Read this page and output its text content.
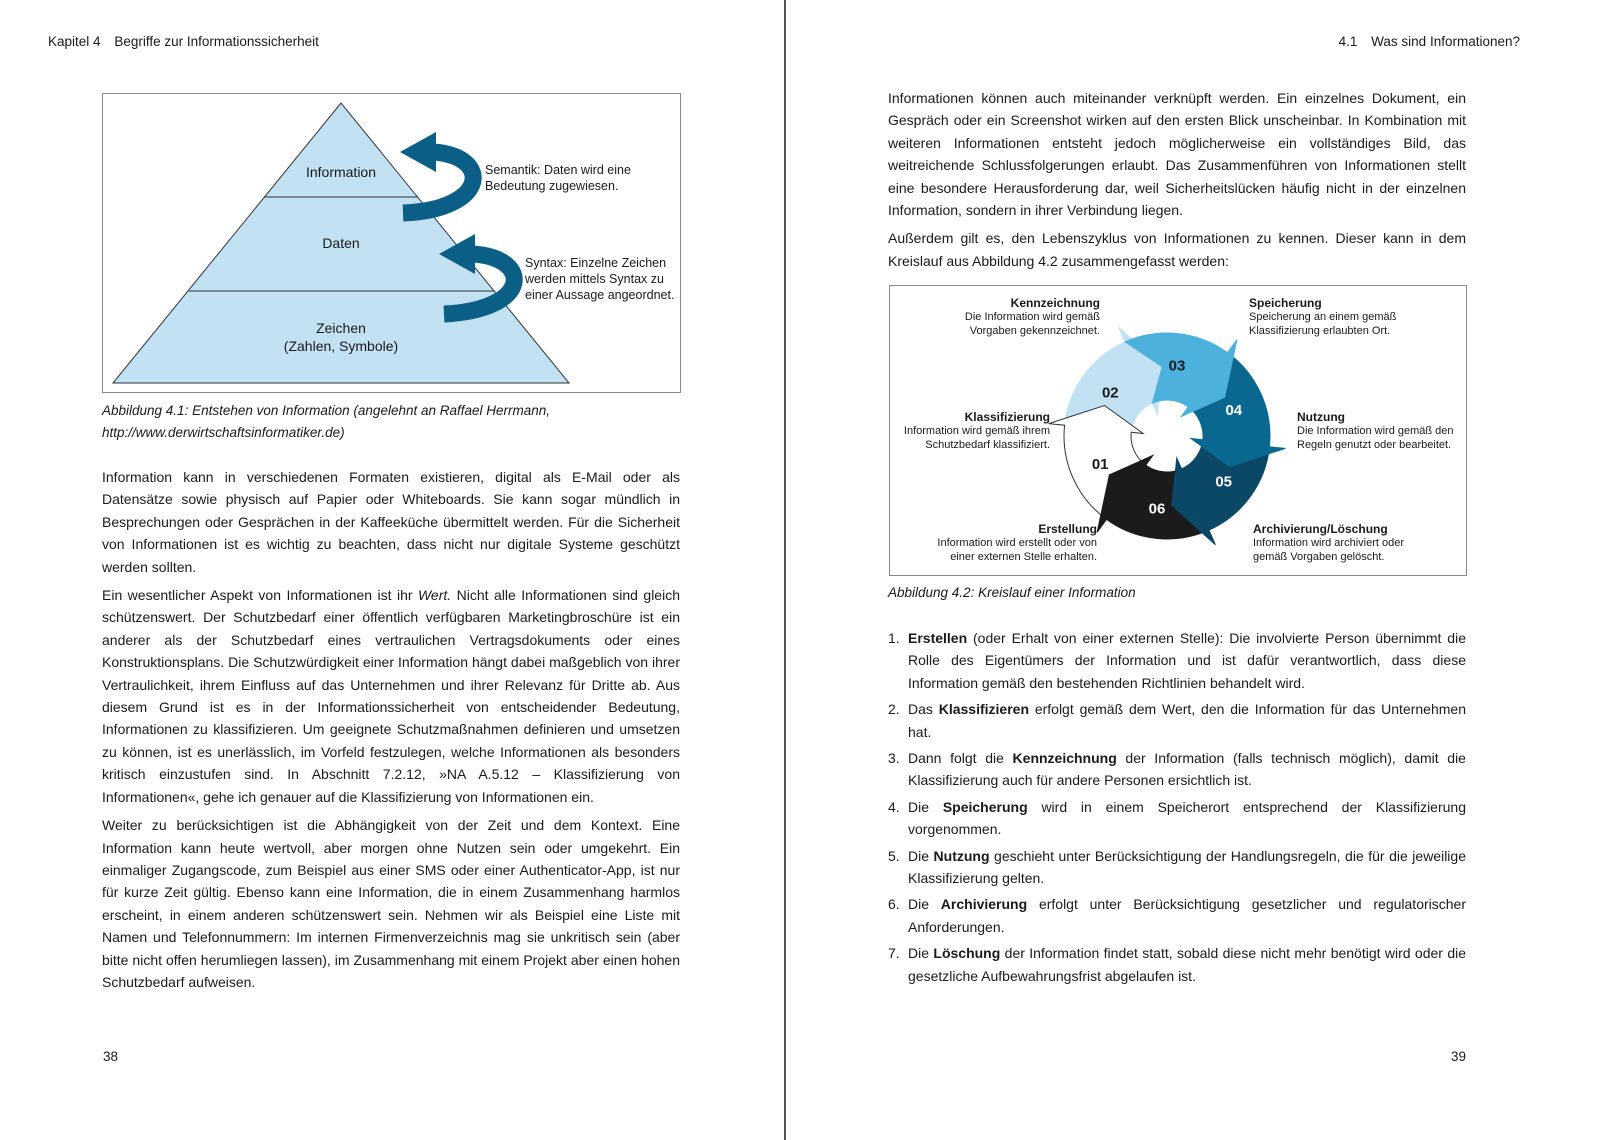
Kapitel 4 Begriffe zur Informationssicherheit
Information
Daten
Zeichen
(Zahlen, Symbole)
Semantik: Daten wird eine
Bedeutung zugewiesen.
Syntax: Einzelne Zeichen
werden mittels Syntax zu
einer Aussage angeordnet.
Abbildung 4.1: Entstehen von Information (angelehnt an Raffael Herrmann,
http://www.derwirtschaftsinformatiker.de)

Information kann in verschiedenen Formaten existieren, digital als E-Mail oder als Datensätze sowie physisch auf Papier oder Whiteboards. Sie kann sogar mündlich in Besprechungen oder Gesprächen in der Kaffeeküche übermittelt werden. Für die Sicherheit von Informationen ist es wichtig zu beachten, dass nicht nur digitale Systeme geschützt werden sollten.

Ein wesentlicher Aspekt von Informationen ist ihr Wert. Nicht alle Informationen sind gleich schützenswert. Der Schutzbedarf einer öffentlich verfügbaren Marketingbroschüre ist ein anderer als der Schutzbedarf eines vertraulichen Vertragsdokuments oder eines Konstruktionsplans. Die Schutzwürdigkeit einer Information hängt dabei maßgeblich von ihrer Vertraulichkeit, ihrem Einfluss auf das Unternehmen und ihrer Relevanz für Dritte ab. Aus diesem Grund ist es in der Informationssicherheit von entscheidender Bedeutung, Informationen zu klassifizieren. Um geeignete Schutzmaßnahmen definieren und umsetzen zu können, ist es unerlässlich, im Vorfeld festzulegen, welche Informationen als besonders kritisch einzustufen sind. In Abschnitt 7.2.12, »NA A.5.12 – Klassifizierung von Informationen«, gehe ich genauer auf die Klassifizierung von Informationen ein.

Weiter zu berücksichtigen ist die Abhängigkeit von der Zeit und dem Kontext. Eine Information kann heute wertvoll, aber morgen ohne Nutzen sein oder umgekehrt. Ein einmaliger Zugangscode, zum Beispiel aus einer SMS oder einer Authenticator-App, ist nur für kurze Zeit gültig. Ebenso kann eine Information, die in einem Zusammenhang harmlos erscheint, in einem anderen schützenswert sein. Nehmen wir als Beispiel eine Liste mit Namen und Telefonnummern: Im internen Firmenverzeichnis mag sie unkritisch sein (aber bitte nicht offen herumliegen lassen), im Zusammenhang mit einem Projekt aber einen hohen Schutzbedarf aufweisen.

38
4.1 Was sind Informationen?

Informationen können auch miteinander verknüpft werden. Ein einzelnes Dokument, ein Gespräch oder ein Screenshot wirken auf den ersten Blick unscheinbar. In Kombination mit weiteren Informationen entsteht jedoch möglicherweise ein vollständiges Bild, das weitreichende Schlussfolgerungen erlaubt. Das Zusammenführen von Informationen stellt eine besondere Herausforderung dar, weil Sicherheitslücken häufig nicht in der einzelnen Information, sondern in ihrer Verbindung liegen.

Außerdem gilt es, den Lebenszyklus von Informationen zu kennen. Dieser kann in dem Kreislauf aus Abbildung 4.2 zusammengefasst werden:

03
04
05
06
01
02
Kennzeichnung
Die Information wird gemäß
Vorgaben gekennzeichnet.
Speicherung
Speicherung an einem gemäß
Klassifizierung erlaubten Ort.
Klassifizierung
Information wird gemäß ihrem
Schutzbedarf klassifiziert.
Nutzung
Die Information wird gemäß den
Regeln genutzt oder bearbeitet.
Erstellung
Information wird erstellt oder von
einer externen Stelle erhalten.
Archivierung/Löschung
Information wird archiviert oder
gemäß Vorgaben gelöscht.
Abbildung 4.2: Kreislauf einer Information
1. Erstellen (oder Erhalt von einer externen Stelle): Die involvierte Person übernimmt die Rolle des Eigentümers der Information und ist dafür verantwortlich, dass diese Information gemäß den bestehenden Richtlinien behandelt wird.
2. Das Klassifizieren erfolgt gemäß dem Wert, den die Information für das Unternehmen hat.
3. Dann folgt die Kennzeichnung der Information (falls technisch möglich), damit die Klassifizierung auch für andere Personen ersichtlich ist.
4. Die Speicherung wird in einem Speicherort entsprechend der Klassifizierung vorgenommen.
5. Die Nutzung geschieht unter Berücksichtigung der Handlungsregeln, die für die jeweilige Klassifizierung gelten.
6. Die Archivierung erfolgt unter Berücksichtigung gesetzlicher und regulatorischer Anforderungen.
7. Die Löschung der Information findet statt, sobald diese nicht mehr benötigt wird oder die gesetzliche Aufbewahrungsfrist abgelaufen ist.
39
